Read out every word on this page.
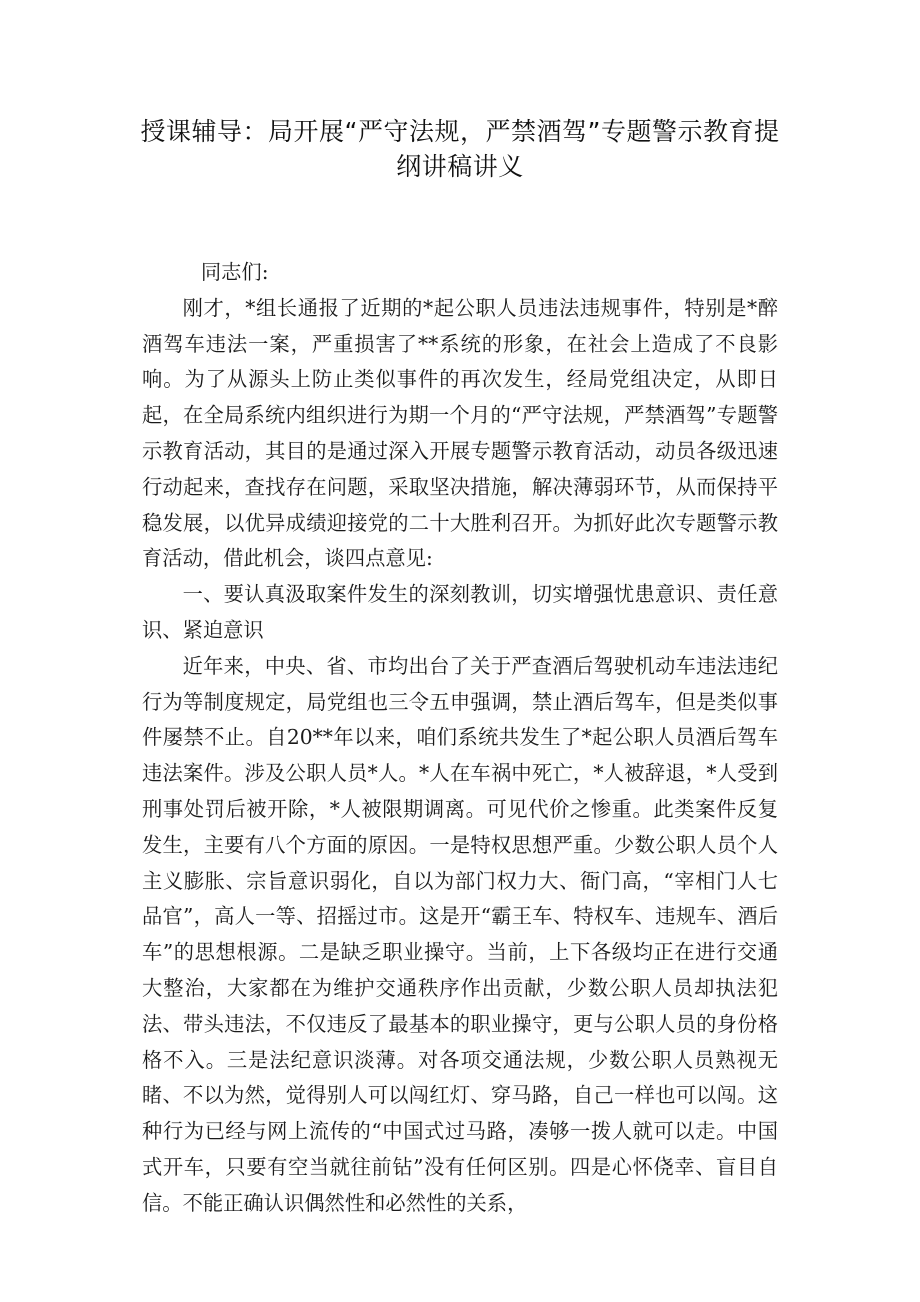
授课辅导：局开展“严守法规，严禁酒驾”专题警示教育提纲讲稿讲义

同志们:

刚才，*组长通报了近期的*起公职人员违法违规事件，特别是*醉酒驾车违法一案，严重损害了**系统的形象，在社会上造成了不良影响。为了从源头上防止类似事件的再次发生，经局党组决定，从即日起，在全局系统内组织进行为期一个月的“严守法规，严禁酒驾”专题警示教育活动，其目的是通过深入开展专题警示教育活动，动员各级迅速行动起来，查找存在问题，采取坚决措施，解决薄弱环节，从而保持平稳发展，以优异成绩迎接党的二十大胜利召开。为抓好此次专题警示教育活动，借此机会，谈四点意见:

一、要认真汲取案件发生的深刻教训，切实增强忧患意识、责任意识、紧迫意识

近年来，中央、省、市均出台了关于严查酒后驾驶机动车违法违纪行为等制度规定，局党组也三令五申强调，禁止酒后驾车，但是类似事件屡禁不止。自20**年以来，咱们系统共发生了*起公职人员酒后驾车违法案件。涉及公职人员*人。*人在车祸中死亡，*人被辞退，*人受到刑事处罚后被开除，*人被限期调离。可见代价之惨重。此类案件反复发生，主要有八个方面的原因。一是特权思想严重。少数公职人员个人主义膨胀、宗旨意识弱化，自以为部门权力大、衙门高，“宰相门人七品官”，高人一等、招摇过市。这是开“霸王车、特权车、违规车、酒后车”的思想根源。二是缺乏职业操守。当前，上下各级均正在进行交通大整治，大家都在为维护交通秩序作出贡献，少数公职人员却执法犯法、带头违法，不仅违反了最基本的职业操守，更与公职人员的身份格格不入。三是法纪意识淡薄。对各项交通法规，少数公职人员熟视无睹、不以为然，觉得别人可以闯红灯、穿马路，自己一样也可以闯。这种行为已经与网上流传的“中国式过马路，凑够一拨人就可以走。中国式开车，只要有空当就往前钻”没有任何区别。四是心怀侥幸、盲目自信。不能正确认识偶然性和必然性的关系，
